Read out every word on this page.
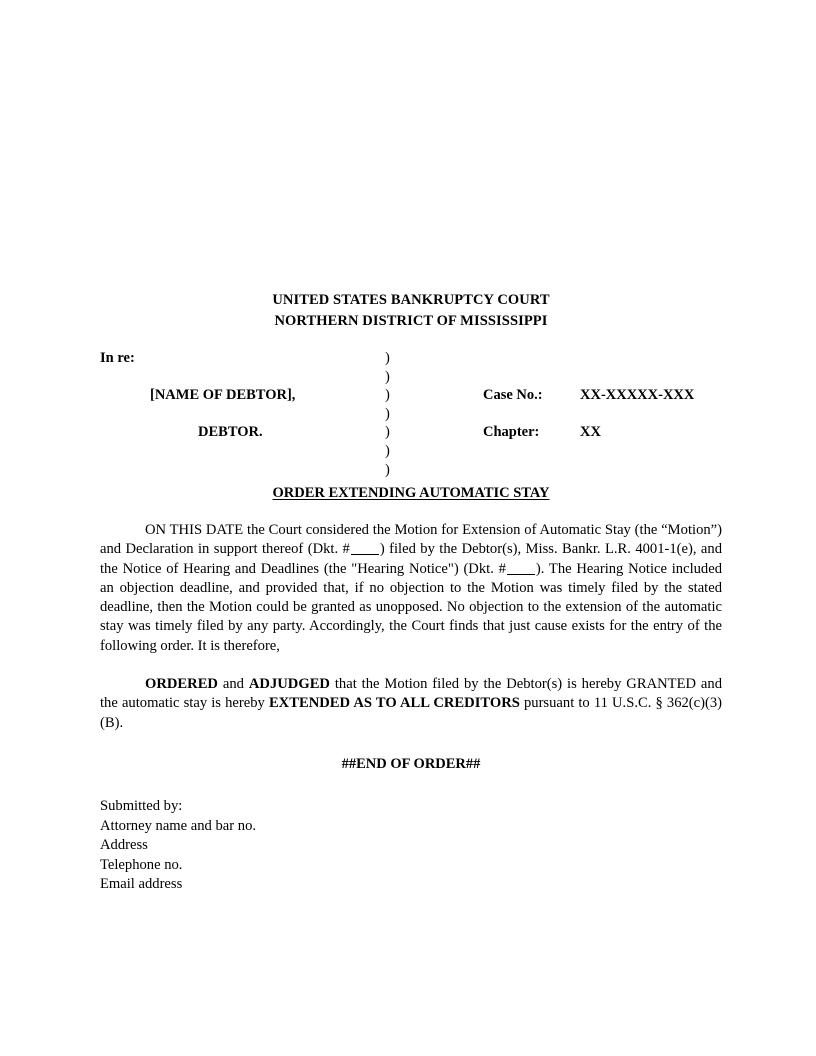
UNITED STATES BANKRUPTCY COURT
NORTHERN DISTRICT OF MISSISSIPPI
In re:	)
)
[NAME OF DEBTOR],	)	Case No.:	XX-XXXXX-XXX
)
DEBTOR.	)	Chapter:	XX
)
)
ORDER EXTENDING AUTOMATIC STAY

ON THIS DATE the Court considered the Motion for Extension of Automatic Stay (the “Motion”) and Declaration in support thereof (Dkt. # ) filed by the Debtor(s), Miss. Bankr. L.R. 4001-1(e), and the Notice of Hearing and Deadlines (the "Hearing Notice") (Dkt. # ). The Hearing Notice included an objection deadline, and provided that, if no objection to the Motion was timely filed by the stated deadline, then the Motion could be granted as unopposed. No objection to the extension of the automatic stay was timely filed by any party. Accordingly, the Court finds that just cause exists for the entry of the following order. It is therefore,

ORDERED and ADJUDGED that the Motion filed by the Debtor(s) is hereby GRANTED and the automatic stay is hereby EXTENDED AS TO ALL CREDITORS pursuant to 11 U.S.C. § 362(c)(3)(B).

##END OF ORDER##
Submitted by:
Attorney name and bar no.
Address
Telephone no.
Email address
